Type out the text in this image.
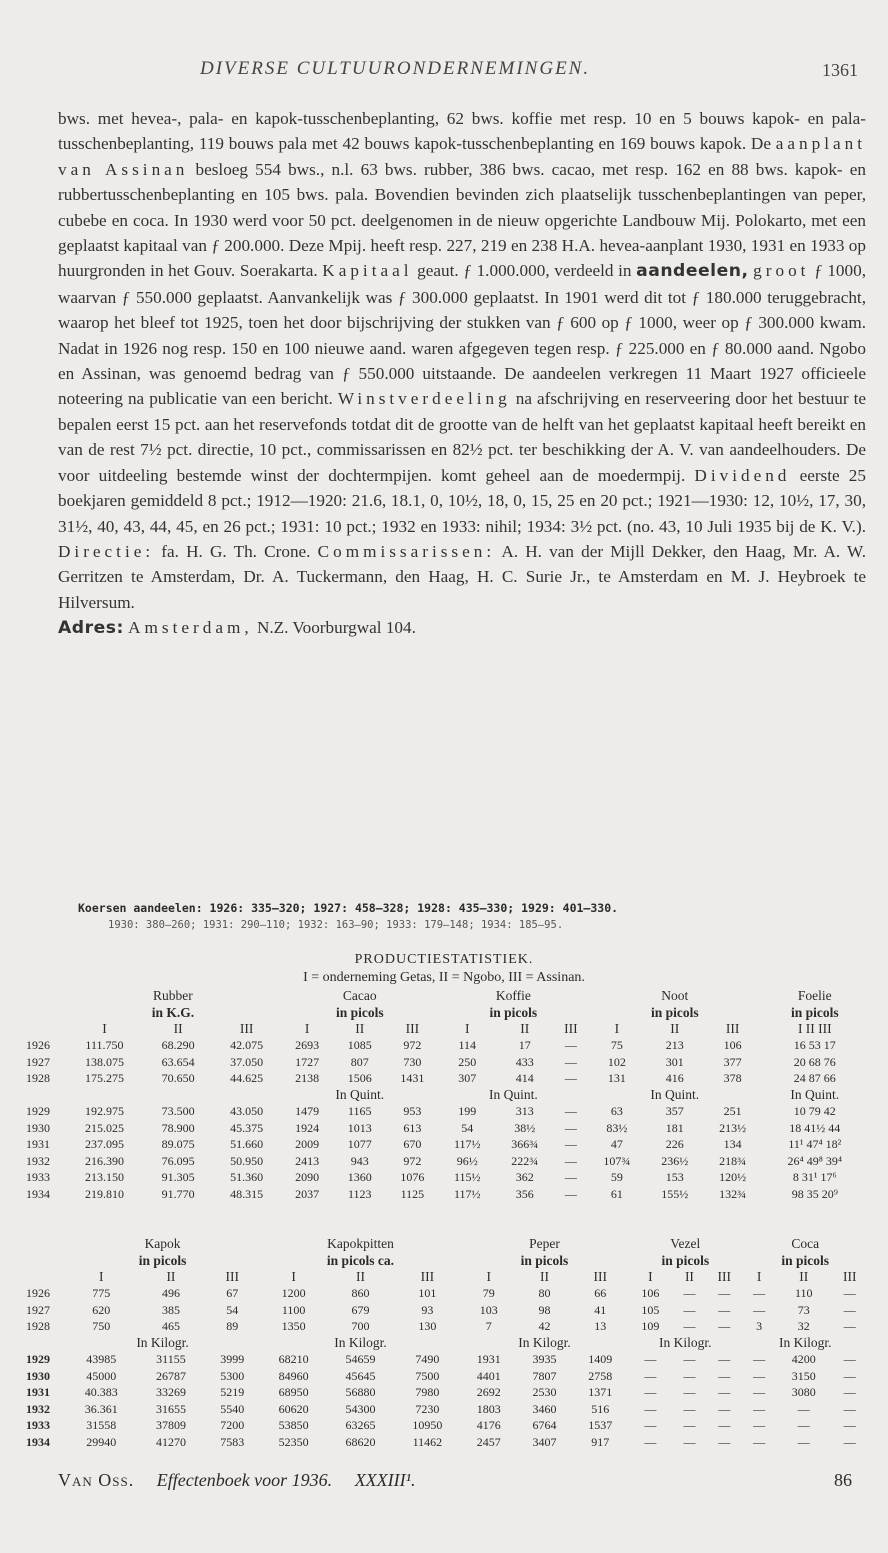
DIVERSE CULTUURONDERNEMINGEN.	1361

bws. met hevea-, pala- en kapok-tusschenbeplanting, 62 bws. koffie met resp. 10 en 5 bouws kapok- en pala-tusschenbeplanting, 119 bouws pala met 42 bouws kapok-tusschenbeplanting en 169 bouws kapok. De aanplant van Assinan besloeg 554 bws., n.l. 63 bws. rubber, 386 bws. cacao, met resp. 162 en 88 bws. kapok- en rubbertusschenbeplanting en 105 bws. pala. Bovendien bevinden zich plaatselijk tusschenbeplantingen van peper, cubebe en coca. In 1930 werd voor 50 pct. deelgenomen in de nieuw opgerichte Landbouw Mij. Polokarto, met een geplaatst kapitaal van ƒ 200.000. Deze Mpij. heeft resp. 227, 219 en 238 H.A. hevea-aanplant 1930, 1931 en 1933 op huurgronden in het Gouv. Soerakarta. Kapitaal geaut. ƒ 1.000.000, verdeeld in aandeelen, groot ƒ 1000, waarvan ƒ 550.000 geplaatst. Aanvankelijk was ƒ 300.000 geplaatst. In 1901 werd dit tot ƒ 180.000 teruggebracht, waarop het bleef tot 1925, toen het door bijschrijving der stukken van ƒ 600 op ƒ 1000, weer op ƒ 300.000 kwam. Nadat in 1926 nog resp. 150 en 100 nieuwe aand. waren afgegeven tegen resp. ƒ 225.000 en ƒ 80.000 aand. Ngobo en Assinan, was genoemd bedrag van ƒ 550.000 uitstaande. De aandeelen verkregen 11 Maart 1927 officieele noteering na publicatie van een bericht. Winstverdeeling na afschrijving en reserveering door het bestuur te bepalen eerst 15 pct. aan het reservefonds totdat dit de grootte van de helft van het geplaatst kapitaal heeft bereikt en van de rest 7½ pct. directie, 10 pct., commissarissen en 82½ pct. ter beschikking der A. V. van aandeelhouders. De voor uitdeeling bestemde winst der dochtermpijen. komt geheel aan de moedermpij. Dividend eerste 25 boekjaren gemiddeld 8 pct.; 1912—1920: 21.6, 18.1, 0, 10½, 18, 0, 15, 25 en 20 pct.; 1921—1930: 12, 10½, 17, 30, 31½, 40, 43, 44, 45, en 26 pct.; 1931: 10 pct.; 1932 en 1933: nihil; 1934: 3½ pct. (no. 43, 10 Juli 1935 bij de K. V.). Directie: fa. H. G. Th. Crone. Commissarissen: A. H. van der Mijll Dekker, den Haag, Mr. A. W. Gerritzen te Amsterdam, Dr. A. Tuckermann, den Haag, H. C. Surie Jr., te Amsterdam en M. J. Heybroek te Hilversum.

Adres: Amsterdam, N.Z. Voorburgwal 104.

Koersen aandeelen: 1926: 335—320; 1927: 458—328; 1928: 435—330; 1929: 401—330.
1930: 380—260; 1931: 290—110; 1932: 163—90; 1933: 179—148; 1934: 185—95.
PRODUCTIESTATISTIEK.
I = onderneming Getas, II = Ngobo, III = Assinan.
	Rubber			Cacao			Koffie			Noot			Foelie
	in K.G.			in picols			in picols			in picols			in picols
	I	II	III	I	II	III	I	II	III	I	II	III	I II III
1926	111.750	68.290	42.075	2693	1085	972	114	17	—	75	213	106	16 53 17
1927	138.075	63.654	37.050	1727	807	730	250	433	—	102	301	377	20 68 76
1928	175.275	70.650	44.625	2138	1506	1431	307	414	—	131	416	378	24 87 66
				In Quint.			In Quint.			In Quint.			In Quint.
1929	192.975	73.500	43.050	1479	1165	953	199	313	—	63	357	251	10 79 42
1930	215.025	78.900	45.375	1924	1013	613	54	38½	—	83½	181	213½	18 41½ 44
1931	237.095	89.075	51.660	2009	1077	670	117½	366¾	—	47	226	134	11¹ 47⁴ 18²
1932	216.390	76.095	50.950	2413	943	972	96½	222¾	—	107¾	236½	218¾	26⁴ 49⁸ 39⁴
1933	213.150	91.305	51.360	2090	1360	1076	115½	362	—	59	153	120½	8 31¹ 17⁶
1934	219.810	91.770	48.315	2037	1123	1125	117½	356	—	61	155½	132¾	98 35 20⁹
	Kapok			Kapokpitten			Peper			Vezel			Coca		
	in picols			in picols ca.			in picols			in picols			in picols		
	I	II	III	I	II	III	I	II	III	I	II	III	I	II	III
1926	775	496	67	1200	860	101	79	80	66	106	—	—	—	110	—
1927	620	385	54	1100	679	93	103	98	41	105	—	—	—	73	—
1928	750	465	89	1350	700	130	7	42	13	109	—	—	3	32	—
	In Kilogr.			In Kilogr.			In Kilogr.			In Kilogr.			In Kilogr.		
1929	43985	31155	3999	68210	54659	7490	1931	3935	1409	—	—	—	—	4200	—
1930	45000	26787	5300	84960	45645	7500	4401	7807	2758	—	—	—	—	3150	—
1931	40.383	33269	5219	68950	56880	7980	2692	2530	1371	—	—	—	—	3080	—
1932	36.361	31655	5540	60620	54300	7230	1803	3460	516	—	—	—	—	—	—
1933	31558	37809	7200	53850	63265	10950	4176	6764	1537	—	—	—	—	—	—
1934	29940	41270	7583	52350	68620	11462	2457	3407	917	—	—	—	—	—	—
Van Oss. Effectenboek voor 1936. XXXIII¹.	86
